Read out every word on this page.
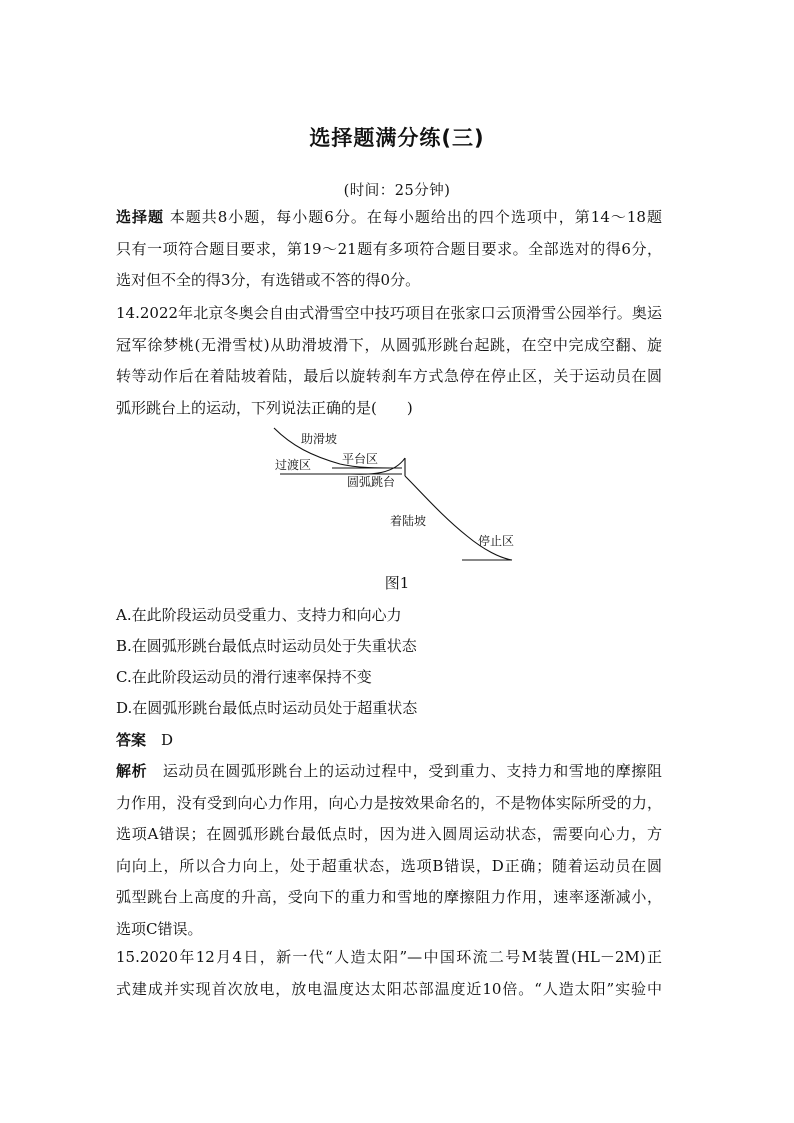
选择题满分练(三)
(时间：25分钟)
选择题 本题共8小题，每小题6分。在每小题给出的四个选项中，第14～18题
只有一项符合题目要求，第19～21题有多项符合题目要求。全部选对的得6分，
选对但不全的得3分，有选错或不答的得0分。
14.2022年北京冬奥会自由式滑雪空中技巧项目在张家口云顶滑雪公园举行。奥运
冠军徐梦桃(无滑雪杖)从助滑坡滑下，从圆弧形跳台起跳，在空中完成空翻、旋
转等动作后在着陆坡着陆，最后以旋转刹车方式急停在停止区，关于运动员在圆
弧形跳台上的运动，下列说法正确的是(　　)
助滑坡
平台区
过渡区
圆弧跳台
着陆坡
停止区
图1
A.在此阶段运动员受重力、支持力和向心力
B.在圆弧形跳台最低点时运动员处于失重状态
C.在此阶段运动员的滑行速率保持不变
D.在圆弧形跳台最低点时运动员处于超重状态
答案　 D
解析　 运动员在圆弧形跳台上的运动过程中，受到重力、支持力和雪地的摩擦阻
力作用，没有受到向心力作用，向心力是按效果命名的，不是物体实际所受的力，
选项A错误；在圆弧形跳台最低点时，因为进入圆周运动状态，需要向心力，方
向向上，所以合力向上，处于超重状态，选项B错误，D正确；随着运动员在圆
弧型跳台上高度的升高，受向下的重力和雪地的摩擦阻力作用，速率逐渐减小，
选项C错误。
15.2020年12月4日，新一代“人造太阳”—中国环流二号M装置(HL－2M)正
式建成并实现首次放电，放电温度达太阳芯部温度近10倍。“人造太阳”实验中
